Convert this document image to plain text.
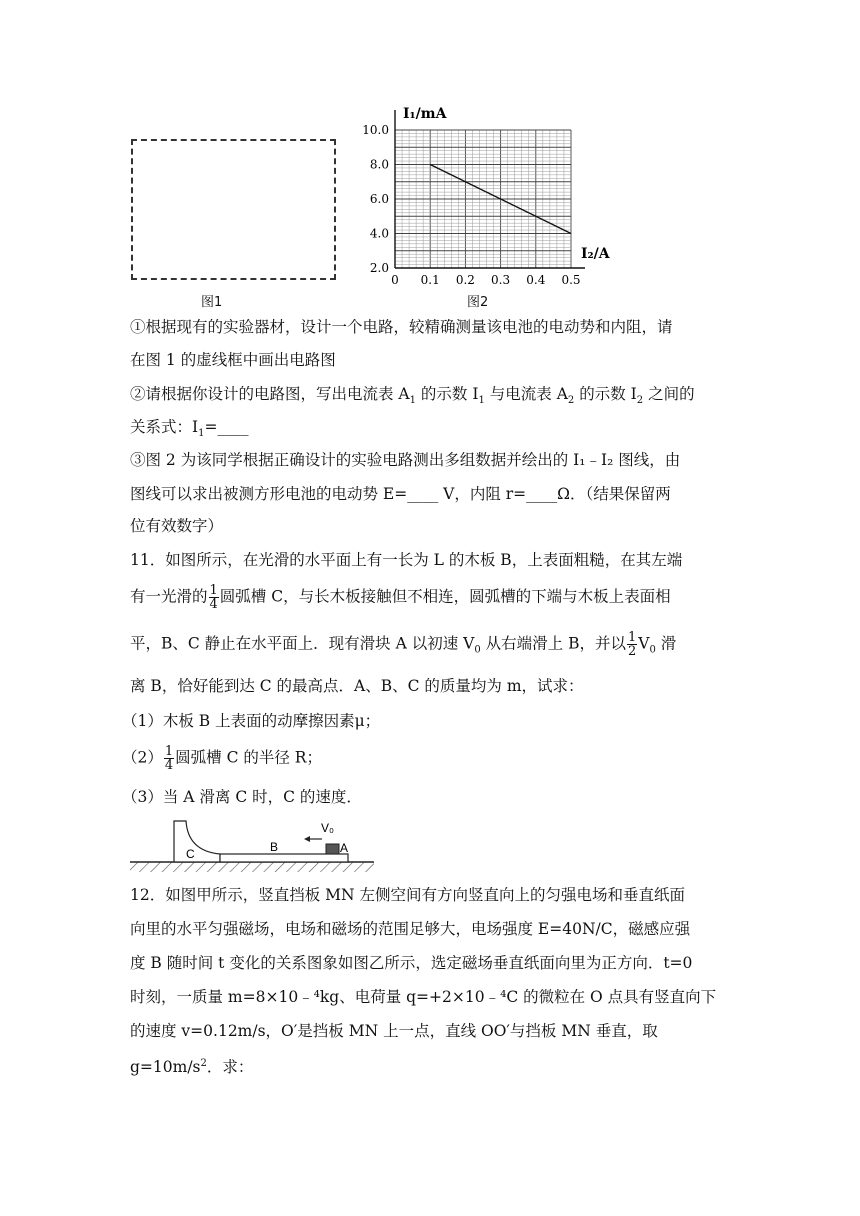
图1
I₁/mA
I₂/A
2.0
4.0
6.0
8.0
10.0
0 0.1 0.2 0.3 0.4 0.5
图2
①根据现有的实验器材，设计一个电路，较精确测量该电池的电动势和内阻，请
在图 1 的虚线框中画出电路图
②请根据你设计的电路图，写出电流表 $A_1$ 的示数 $I_1$ 与电流表 $A_2$ 的示数 $I_2$ 之间的
关系式：$I_1=\_\_\_\_$
③图 2 为该同学根据正确设计的实验电路测出多组数据并绘出的 I₁﹣I₂ 图线，由
图线可以求出被测方形电池的电动势 E=____ V，内阻 r=____Ω．（结果保留两
位有效数字）
11．如图所示，在光滑的水平面上有一长为 L 的木板 B，上表面粗糙，在其左端
有一光滑的 $\frac{1}{4}$ 圆弧槽 C，与长木板接触但不相连，圆弧槽的下端与木板上表面相
平，B、C 静止在水平面上．现有滑块 A 以初速 $V_0$ 从右端滑上 B，并以 $\frac{1}{2} V_0$ 滑
离 B，恰好能到达 C 的最高点．A、B、C 的质量均为 m，试求：
（1）木板 B 上表面的动摩擦因素μ；
$(2) \frac{1}{4}$ 圆弧槽 C 的半径 R；
（3）当 A 滑离 C 时，C 的速度．
C	B	A
V₀
12．如图甲所示，竖直挡板 MN 左侧空间有方向竖直向上的匀强电场和垂直纸面
向里的水平匀强磁场，电场和磁场的范围足够大，电场强度 E=40N/C，磁感应强
度 B 随时间 t 变化的关系图象如图乙所示，选定磁场垂直纸面向里为正方向．t=0
时刻，一质量 m=8×10﹣⁴kg、电荷量 q=+2×10﹣⁴C 的微粒在 O 点具有竖直向下
的速度 v=0.12m/s，O′是挡板 MN 上一点，直线 OO′与挡板 MN 垂直，取
$g=10m/s^2$．求：
